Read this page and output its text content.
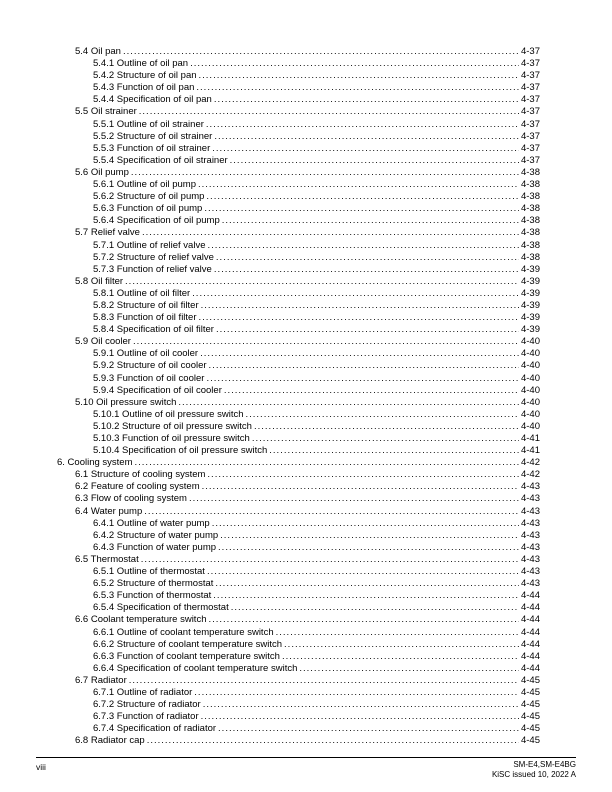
5.4 Oil pan .....	4-37
5.4.1 Outline of oil pan .....	4-37
5.4.2 Structure of oil pan .....	4-37
5.4.3 Function of oil pan .....	4-37
5.4.4 Specification of oil pan .....	4-37
5.5 Oil strainer .....	4-37
5.5.1 Outline of oil strainer .....	4-37
5.5.2 Structure of oil strainer .....	4-37
5.5.3 Function of oil strainer .....	4-37
5.5.4 Specification of oil strainer .....	4-37
5.6 Oil pump .....	4-38
5.6.1 Outline of oil pump .....	4-38
5.6.2 Structure of oil pump .....	4-38
5.6.3 Function of oil pump .....	4-38
5.6.4 Specification of oil pump .....	4-38
5.7 Relief valve .....	4-38
5.7.1 Outline of relief valve .....	4-38
5.7.2 Structure of relief valve .....	4-38
5.7.3 Function of relief valve .....	4-39
5.8 Oil filter .....	4-39
5.8.1 Outline of oil filter .....	4-39
5.8.2 Structure of oil filter .....	4-39
5.8.3 Function of oil filter .....	4-39
5.8.4 Specification of oil filter .....	4-39
5.9 Oil cooler .....	4-40
5.9.1 Outline of oil cooler .....	4-40
5.9.2 Structure of oil cooler .....	4-40
5.9.3 Function of oil cooler .....	4-40
5.9.4 Specification of oil cooler .....	4-40
5.10 Oil pressure switch .....	4-40
5.10.1 Outline of oil pressure switch .....	4-40
5.10.2 Structure of oil pressure switch .....	4-40
5.10.3 Function of oil pressure switch .....	4-41
5.10.4 Specification of oil pressure switch .....	4-41
6. Cooling system .....	4-42
6.1 Structure of cooling system .....	4-42
6.2 Feature of cooling system .....	4-43
6.3 Flow of cooling system .....	4-43
6.4 Water pump .....	4-43
6.4.1 Outline of water pump .....	4-43
6.4.2 Structure of water pump .....	4-43
6.4.3 Function of water pump .....	4-43
6.5 Thermostat .....	4-43
6.5.1 Outline of thermostat .....	4-43
6.5.2 Structure of thermostat .....	4-43
6.5.3 Function of thermostat .....	4-44
6.5.4 Specification of thermostat .....	4-44
6.6 Coolant temperature switch .....	4-44
6.6.1 Outline of coolant temperature switch .....	4-44
6.6.2 Structure of coolant temperature switch .....	4-44
6.6.3 Function of coolant temperature switch .....	4-44
6.6.4 Specification of coolant temperature switch .....	4-44
6.7 Radiator .....	4-45
6.7.1 Outline of radiator .....	4-45
6.7.2 Structure of radiator .....	4-45
6.7.3 Function of radiator .....	4-45
6.7.4 Specification of radiator .....	4-45
6.8 Radiator cap .....	4-45
viii	SM-E4,SM-E4BG
KiSC issued 10, 2022 A
